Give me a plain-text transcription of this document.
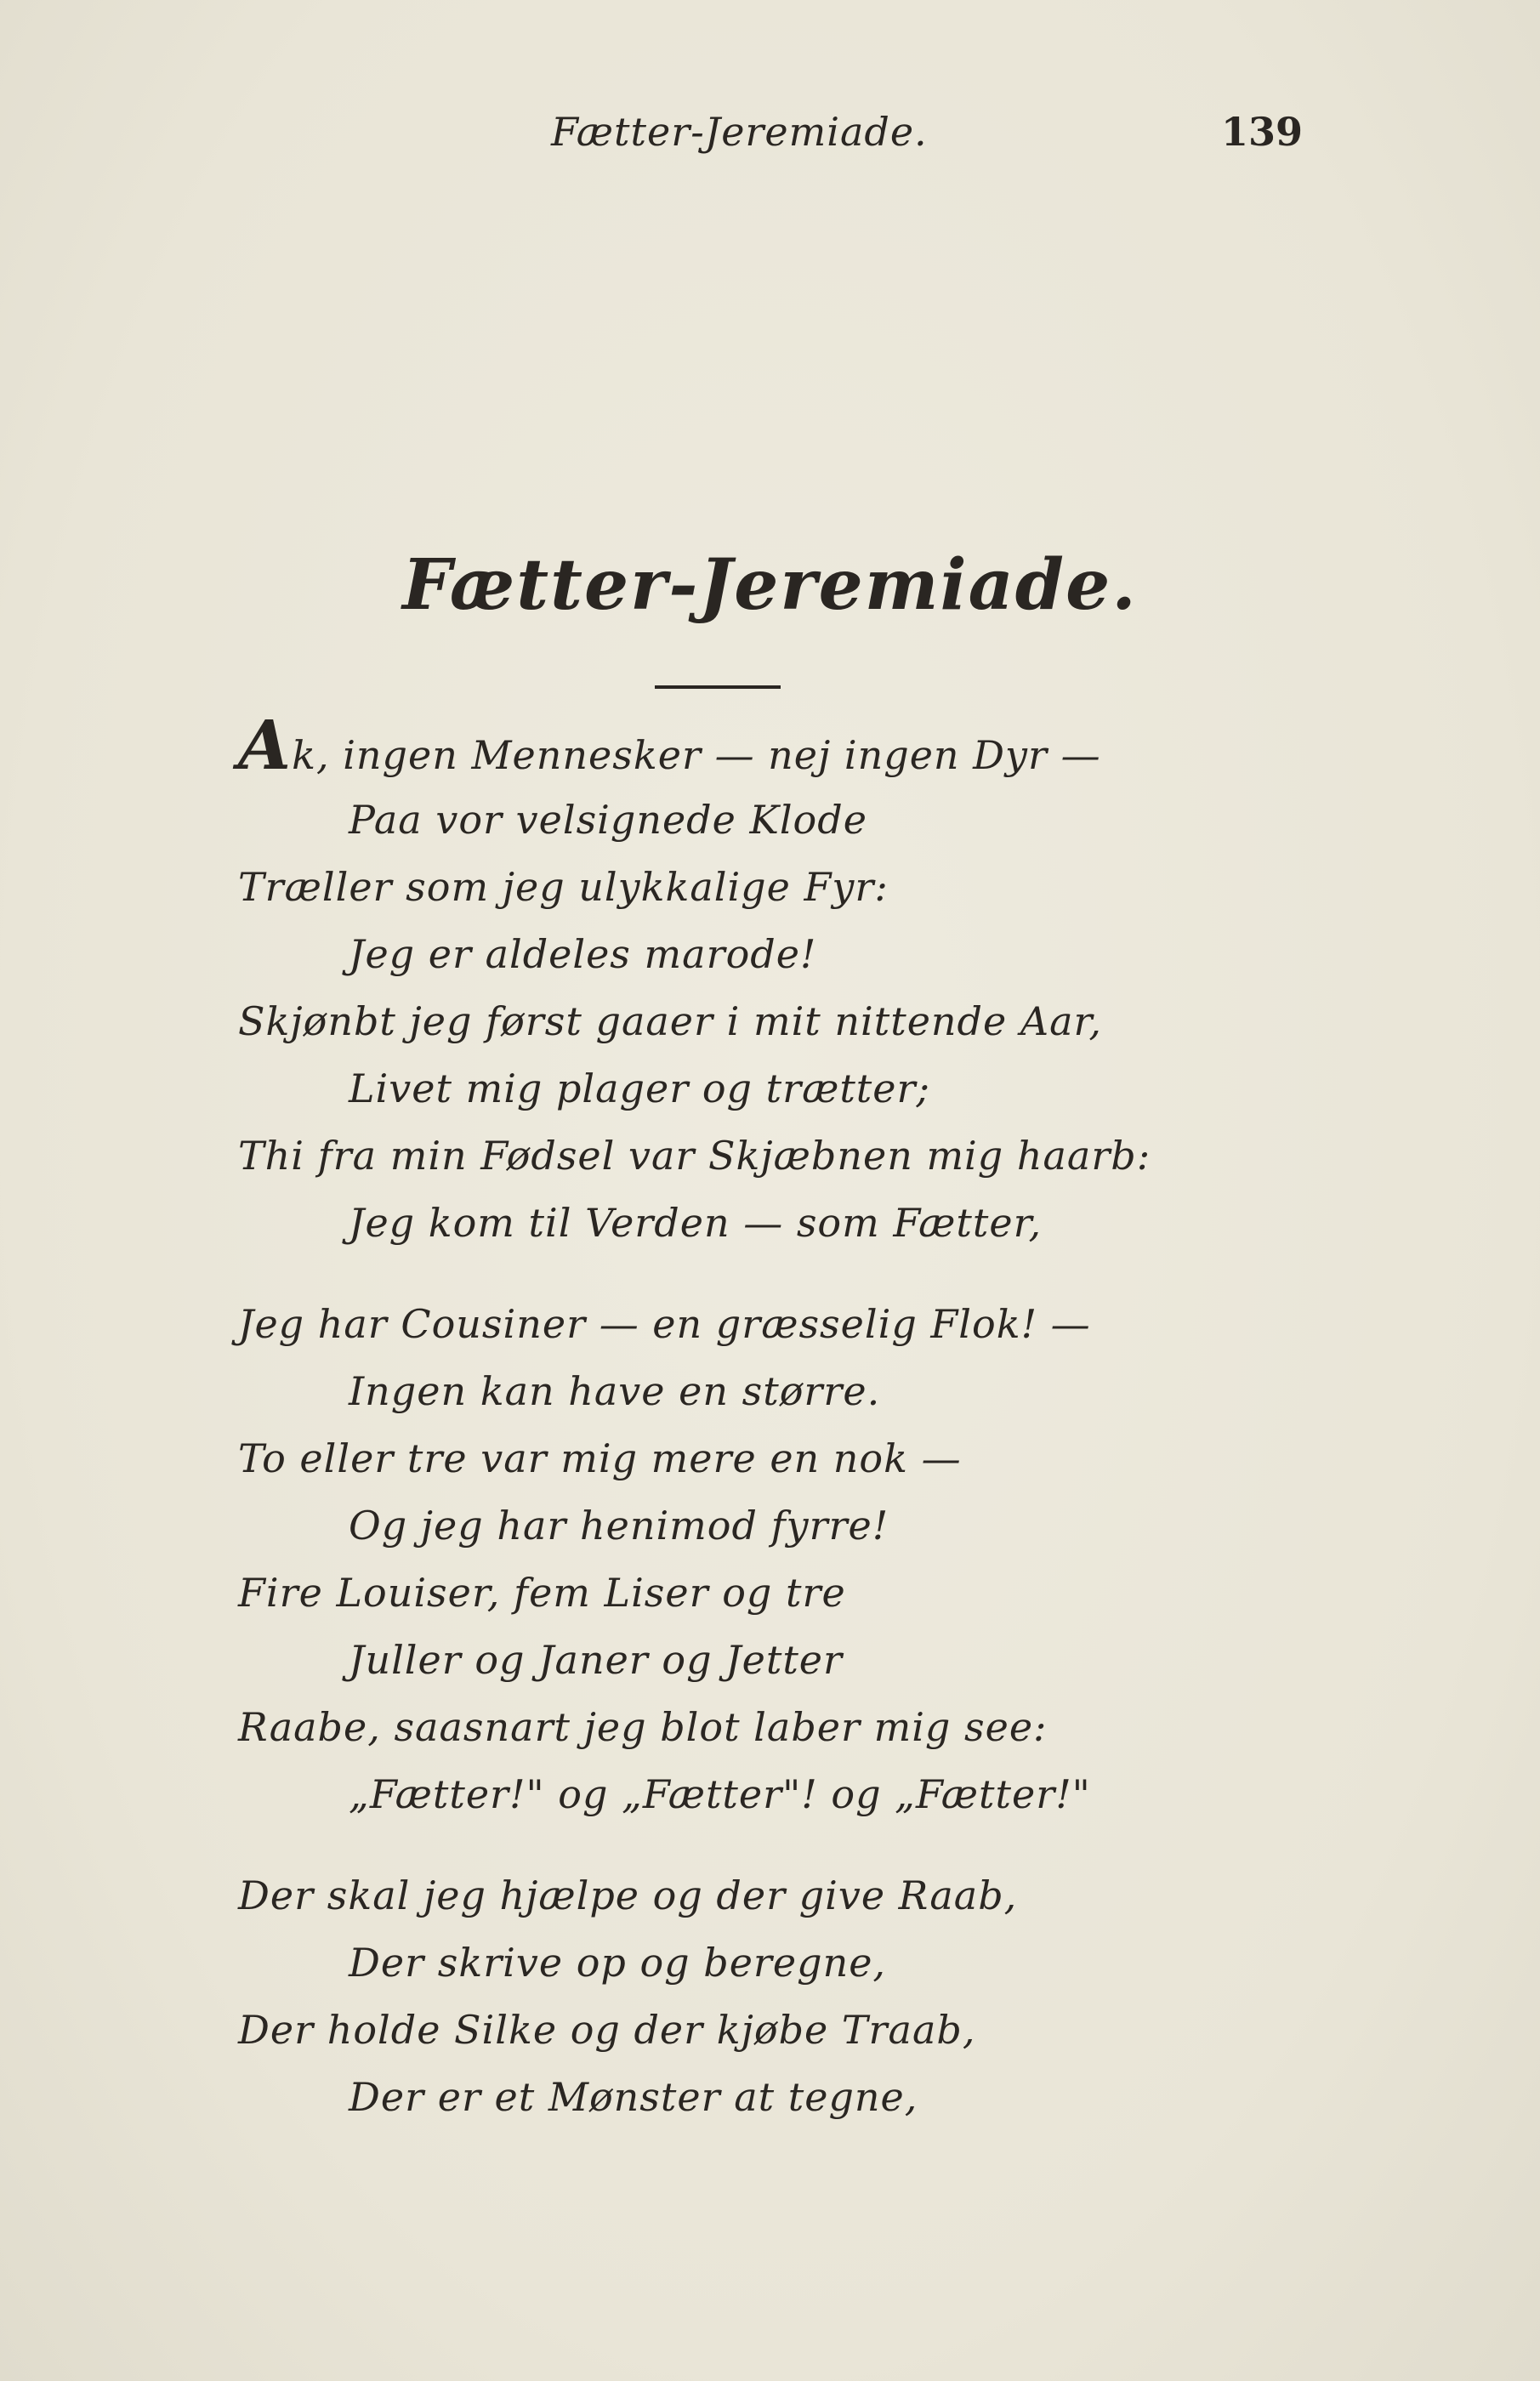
Fætter-Jeremiade.	139
Fætter-Jeremiade.
Ak, ingen Mennesker — nej ingen Dyr —
Paa vor velsignede Klode
Træller som jeg ulykkalige Fyr:
Jeg er aldeles marode!
Skjønbt jeg først gaaer i mit nittende Aar,
Livet mig plager og trætter;
Thi fra min Fødsel var Skjæbnen mig haarb:
Jeg kom til Verden — som Fætter,
Jeg har Cousiner — en græsselig Flok! —
Ingen kan have en større.
To eller tre var mig mere en nok —
Og jeg har henimod fyrre!
Fire Louiser, fem Liser og tre
Juller og Janer og Jetter
Raabe, saasnart jeg blot laber mig see:
„Fætter!" og „Fætter"! og „Fætter!"
Der skal jeg hjælpe og der give Raab,
Der skrive op og beregne,
Der holde Silke og der kjøbe Traab,
Der er et Mønster at tegne,
